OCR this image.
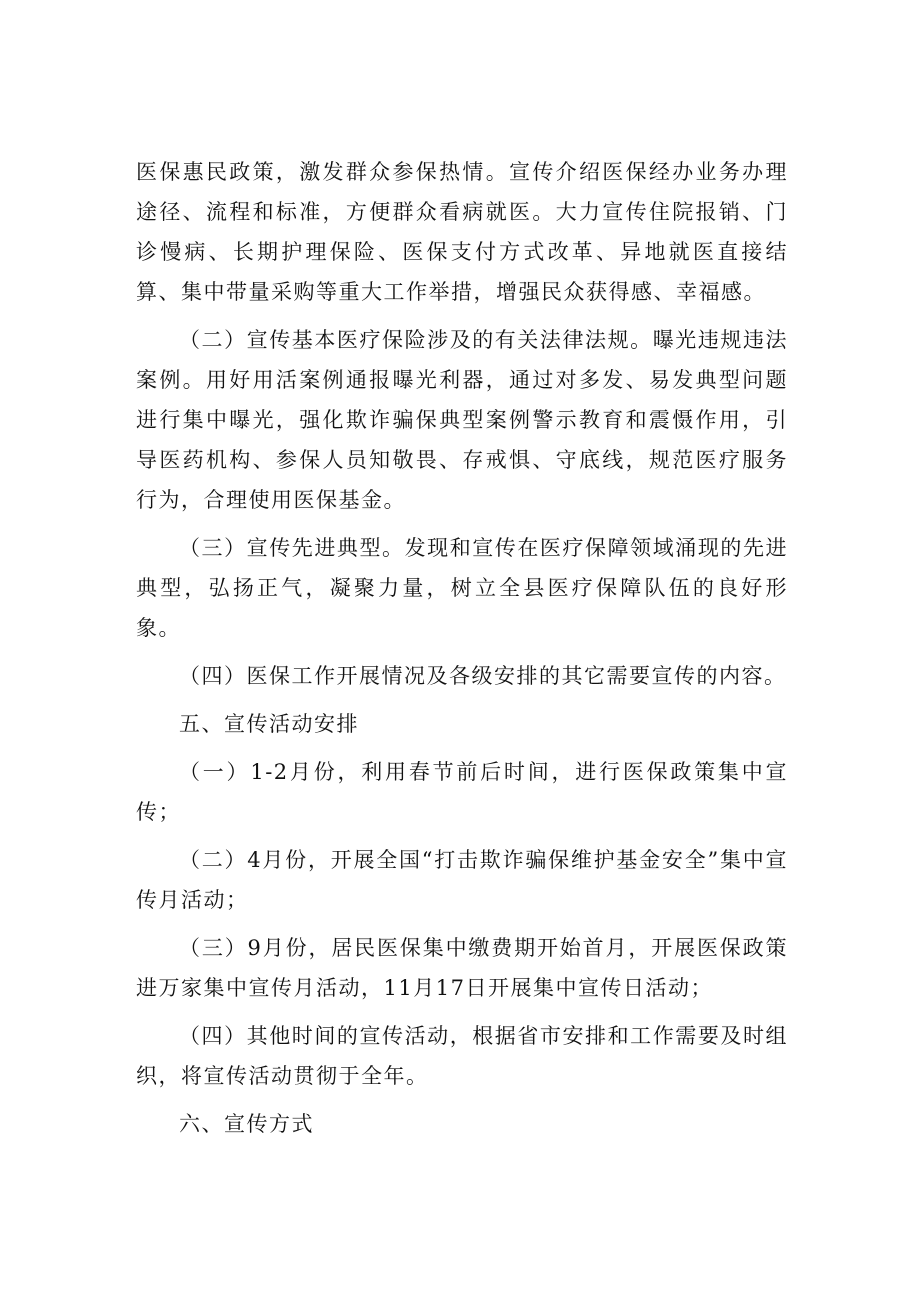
医保惠民政策，激发群众参保热情。宣传介绍医保经办业务办理途径、流程和标准，方便群众看病就医。大力宣传住院报销、门诊慢病、长期护理保险、医保支付方式改革、异地就医直接结算、集中带量采购等重大工作举措，增强民众获得感、幸福感。

（二）宣传基本医疗保险涉及的有关法律法规。曝光违规违法案例。用好用活案例通报曝光利器，通过对多发、易发典型问题进行集中曝光，强化欺诈骗保典型案例警示教育和震慑作用，引导医药机构、参保人员知敬畏、存戒惧、守底线，规范医疗服务行为，合理使用医保基金。

（三）宣传先进典型。发现和宣传在医疗保障领域涌现的先进典型，弘扬正气，凝聚力量，树立全县医疗保障队伍的良好形象。

（四）医保工作开展情况及各级安排的其它需要宣传的内容。

五、宣传活动安排

（一）1-2月份，利用春节前后时间，进行医保政策集中宣传；

（二）4月份，开展全国“打击欺诈骗保维护基金安全”集中宣传月活动；

（三）9月份，居民医保集中缴费期开始首月，开展医保政策进万家集中宣传月活动，11月17日开展集中宣传日活动；

（四）其他时间的宣传活动，根据省市安排和工作需要及时组织，将宣传活动贯彻于全年。

六、宣传方式
